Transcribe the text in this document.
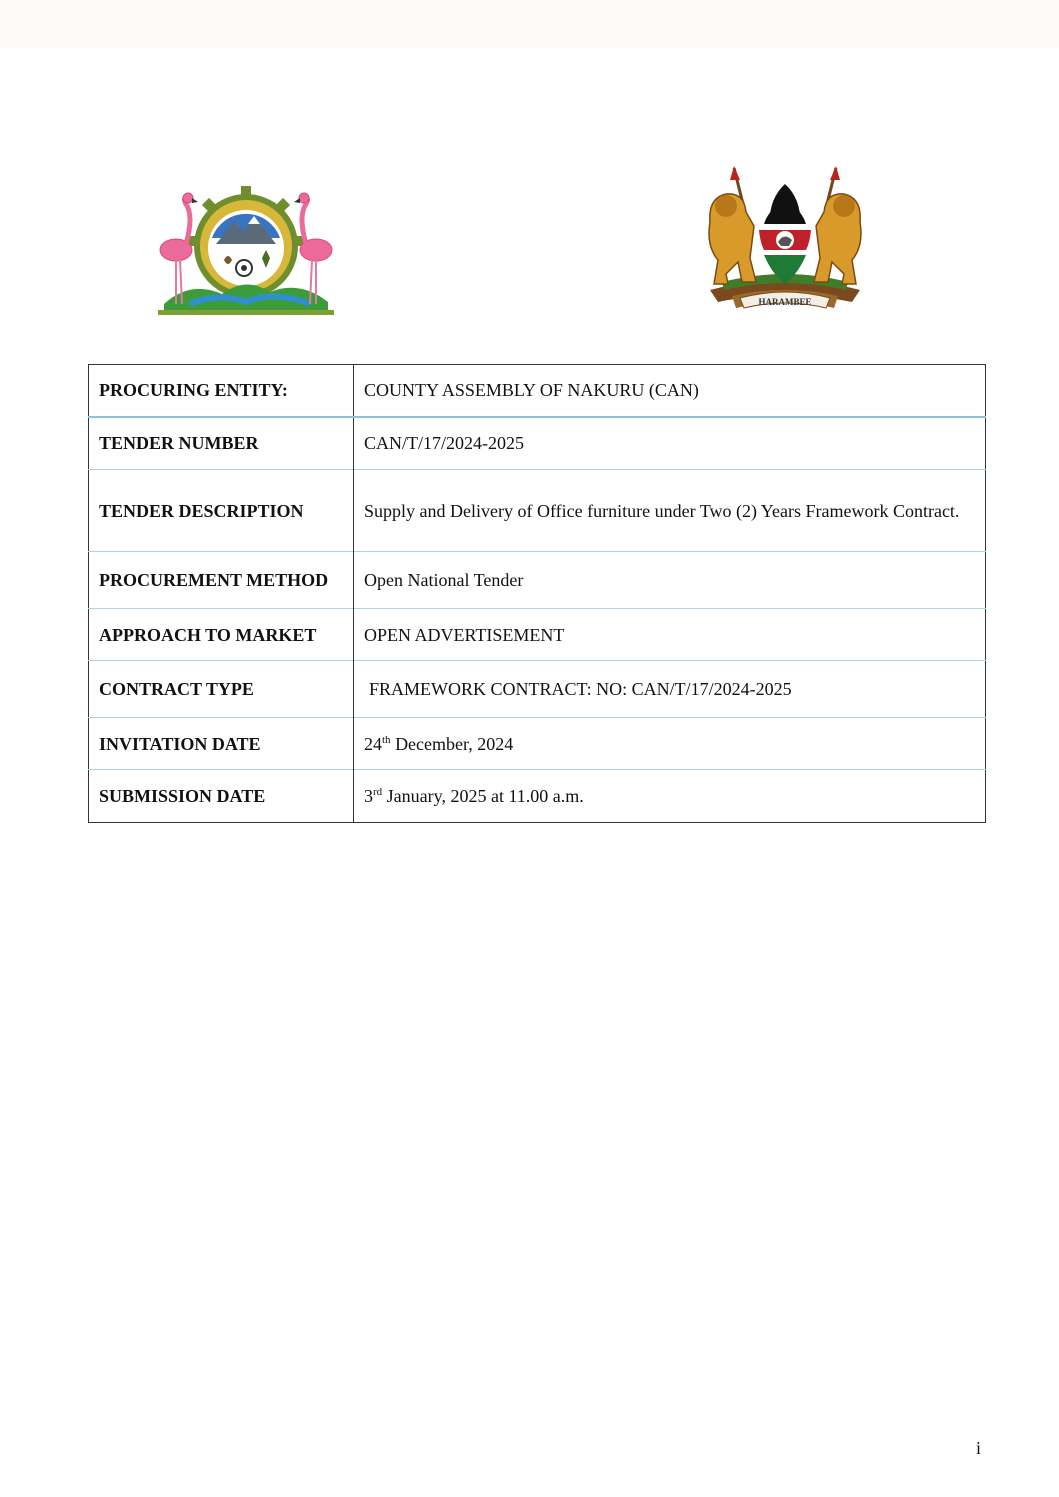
HARAMBEE
PROCURING ENTITY:	COUNTY ASSEMBLY OF NAKURU (CAN)
TENDER NUMBER	CAN/T/17/2024-2025
TENDER DESCRIPTION	Supply and Delivery of Office furniture under Two (2) Years Framework Contract.
PROCUREMENT METHOD	Open National Tender
APPROACH TO MARKET	OPEN ADVERTISEMENT
CONTRACT TYPE	FRAMEWORK CONTRACT: NO: CAN/T/17/2024-2025
INVITATION DATE	24th December, 2024
SUBMISSION DATE	3rd January, 2025 at 11.00 a.m.
i
